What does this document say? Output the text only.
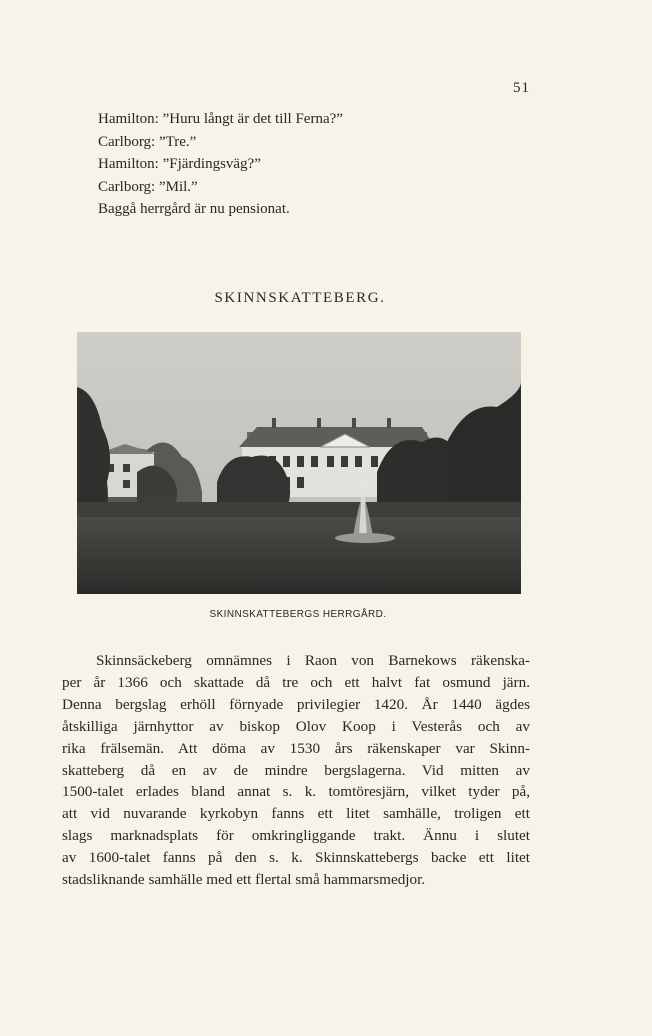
51
Hamilton: ”Huru långt är det till Ferna?”
Carlborg: ”Tre.”
Hamilton: ”Fjärdingsväg?”
Carlborg: ”Mil.”
Baggå herrgård är nu pensionat.
SKINNSKATTEBERG.
SKINNSKATTEBERGS HERRGÅRD.
Skinnsäckeberg omnämnes i Raon von Barnekows räkenska-
per år 1366 och skattade då tre och ett halvt fat osmund järn.
Denna bergslag erhöll förnyade privilegier 1420. År 1440 ägdes
åtskilliga järnhyttor av biskop Olov Koop i Vesterås och av
rika frälsemän. Att döma av 1530 års räkenskaper var Skinn-
skatteberg då en av de mindre bergslagerna. Vid mitten av
1500-talet erlades bland annat s. k. tomtöresjärn, vilket tyder på,
att vid nuvarande kyrkobyn fanns ett litet samhälle, troligen ett
slags marknadsplats för omkringliggande trakt. Ännu i slutet
av 1600-talet fanns på den s. k. Skinnskattebergs backe ett litet
stadsliknande samhälle med ett flertal små hammarsmedjor.
